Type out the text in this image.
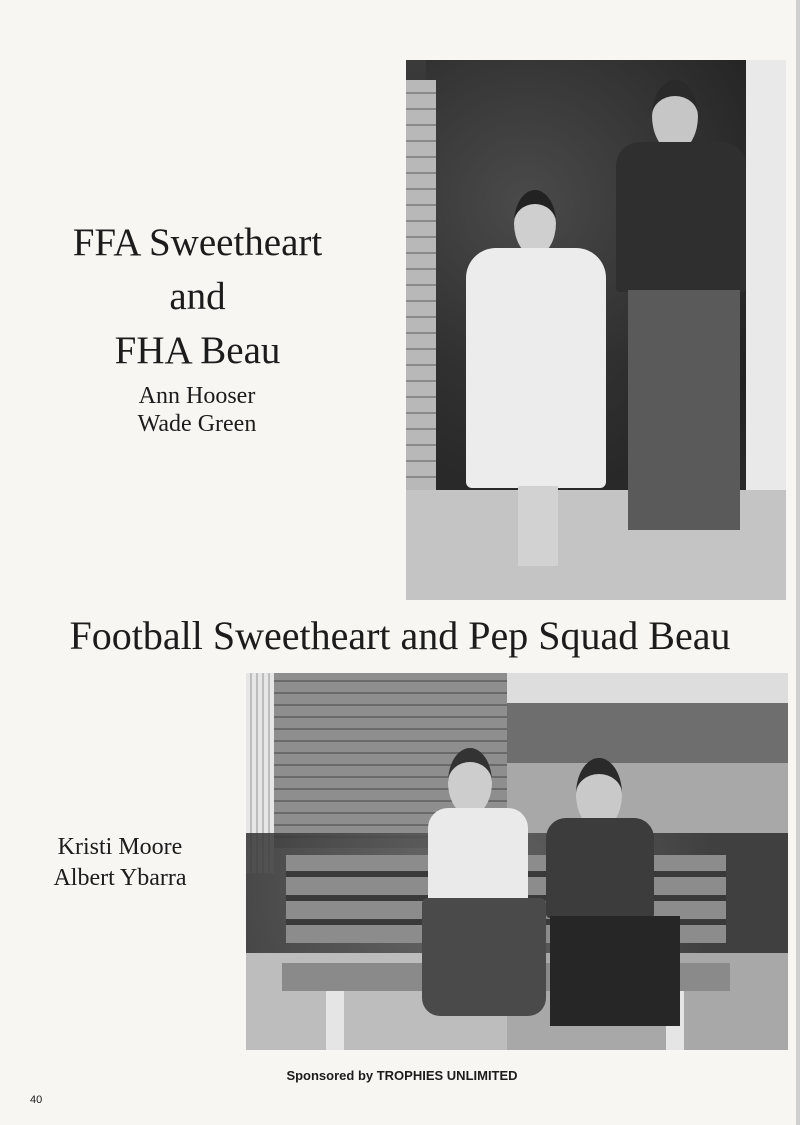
FFA Sweetheart
and
FHA Beau
Ann Hooser
Wade Green
Football Sweetheart and Pep Squad Beau
Kristi Moore
Albert Ybarra
Sponsored by TROPHIES UNLIMITED
40
